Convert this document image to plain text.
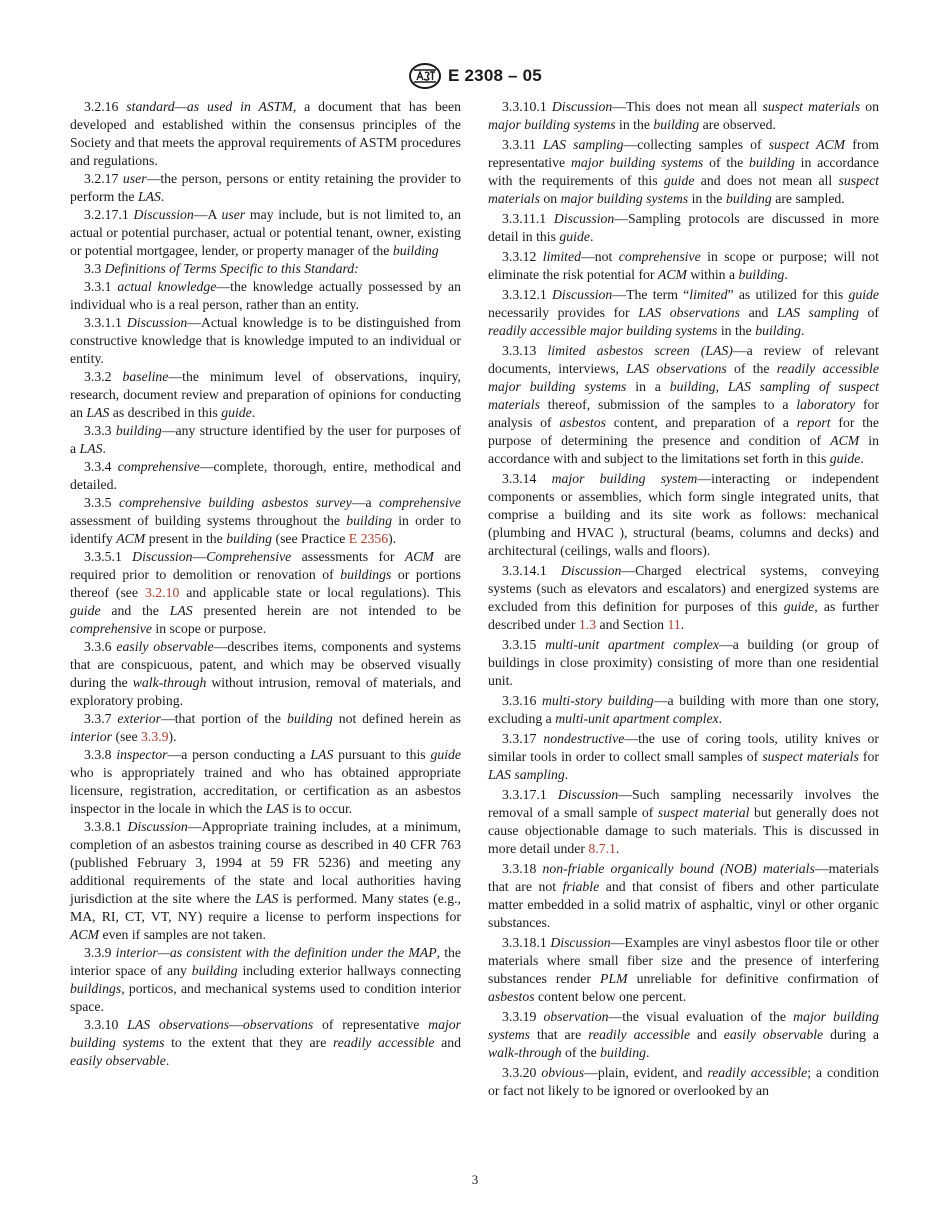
E 2308 – 05

3.2.16 standard—as used in ASTM, a document that has been developed and established within the consensus principles of the Society and that meets the approval requirements of ASTM procedures and regulations.

3.2.17 user—the person, persons or entity retaining the provider to perform the LAS.

3.2.17.1 Discussion—A user may include, but is not limited to, an actual or potential purchaser, actual or potential tenant, owner, existing or potential mortgagee, lender, or property manager of the building

3.3 Definitions of Terms Specific to this Standard:

3.3.1 actual knowledge—the knowledge actually possessed by an individual who is a real person, rather than an entity.

3.3.1.1 Discussion—Actual knowledge is to be distinguished from constructive knowledge that is knowledge imputed to an individual or entity.

3.3.2 baseline—the minimum level of observations, inquiry, research, document review and preparation of opinions for conducting an LAS as described in this guide.

3.3.3 building—any structure identified by the user for purposes of a LAS.

3.3.4 comprehensive—complete, thorough, entire, methodical and detailed.

3.3.5 comprehensive building asbestos survey—a comprehensive assessment of building systems throughout the building in order to identify ACM present in the building (see Practice E 2356).

3.3.5.1 Discussion—Comprehensive assessments for ACM are required prior to demolition or renovation of buildings or portions thereof (see 3.2.10 and applicable state or local regulations). This guide and the LAS presented herein are not intended to be comprehensive in scope or purpose.

3.3.6 easily observable—describes items, components and systems that are conspicuous, patent, and which may be observed visually during the walk-through without intrusion, removal of materials, and exploratory probing.

3.3.7 exterior—that portion of the building not defined herein as interior (see 3.3.9).

3.3.8 inspector—a person conducting a LAS pursuant to this guide who is appropriately trained and who has obtained appropriate licensure, registration, accreditation, or certification as an asbestos inspector in the locale in which the LAS is to occur.

3.3.8.1 Discussion—Appropriate training includes, at a minimum, completion of an asbestos training course as described in 40 CFR 763 (published February 3, 1994 at 59 FR 5236) and meeting any additional requirements of the state and local authorities having jurisdiction at the site where the LAS is performed. Many states (e.g., MA, RI, CT, VT, NY) require a license to perform inspections for ACM even if samples are not taken.

3.3.9 interior—as consistent with the definition under the MAP, the interior space of any building including exterior hallways connecting buildings, porticos, and mechanical systems used to condition interior space.

3.3.10 LAS observations—observations of representative major building systems to the extent that they are readily accessible and easily observable.

3.3.10.1 Discussion—This does not mean all suspect materials on major building systems in the building are observed.

3.3.11 LAS sampling—collecting samples of suspect ACM from representative major building systems of the building in accordance with the requirements of this guide and does not mean all suspect materials on major building systems in the building are sampled.

3.3.11.1 Discussion—Sampling protocols are discussed in more detail in this guide.

3.3.12 limited—not comprehensive in scope or purpose; will not eliminate the risk potential for ACM within a building.

3.3.12.1 Discussion—The term “limited” as utilized for this guide necessarily provides for LAS observations and LAS sampling of readily accessible major building systems in the building.

3.3.13 limited asbestos screen (LAS)—a review of relevant documents, interviews, LAS observations of the readily accessible major building systems in a building, LAS sampling of suspect materials thereof, submission of the samples to a laboratory for analysis of asbestos content, and preparation of a report for the purpose of determining the presence and condition of ACM in accordance with and subject to the limitations set forth in this guide.

3.3.14 major building system—interacting or independent components or assemblies, which form single integrated units, that comprise a building and its site work as follows: mechanical (plumbing and HVAC ), structural (beams, columns and decks) and architectural (ceilings, walls and floors).

3.3.14.1 Discussion—Charged electrical systems, conveying systems (such as elevators and escalators) and energized systems are excluded from this definition for purposes of this guide, as further described under 1.3 and Section 11.

3.3.15 multi-unit apartment complex—a building (or group of buildings in close proximity) consisting of more than one residential unit.

3.3.16 multi-story building—a building with more than one story, excluding a multi-unit apartment complex.

3.3.17 nondestructive—the use of coring tools, utility knives or similar tools in order to collect small samples of suspect materials for LAS sampling.

3.3.17.1 Discussion—Such sampling necessarily involves the removal of a small sample of suspect material but generally does not cause objectionable damage to such materials. This is discussed in more detail under 8.7.1.

3.3.18 non-friable organically bound (NOB) materials—materials that are not friable and that consist of fibers and other particulate matter embedded in a solid matrix of asphaltic, vinyl or other organic substances.

3.3.18.1 Discussion—Examples are vinyl asbestos floor tile or other materials where small fiber size and the presence of interfering substances render PLM unreliable for definitive confirmation of asbestos content below one percent.

3.3.19 observation—the visual evaluation of the major building systems that are readily accessible and easily observable during a walk-through of the building.

3.3.20 obvious—plain, evident, and readily accessible; a condition or fact not likely to be ignored or overlooked by an

3
